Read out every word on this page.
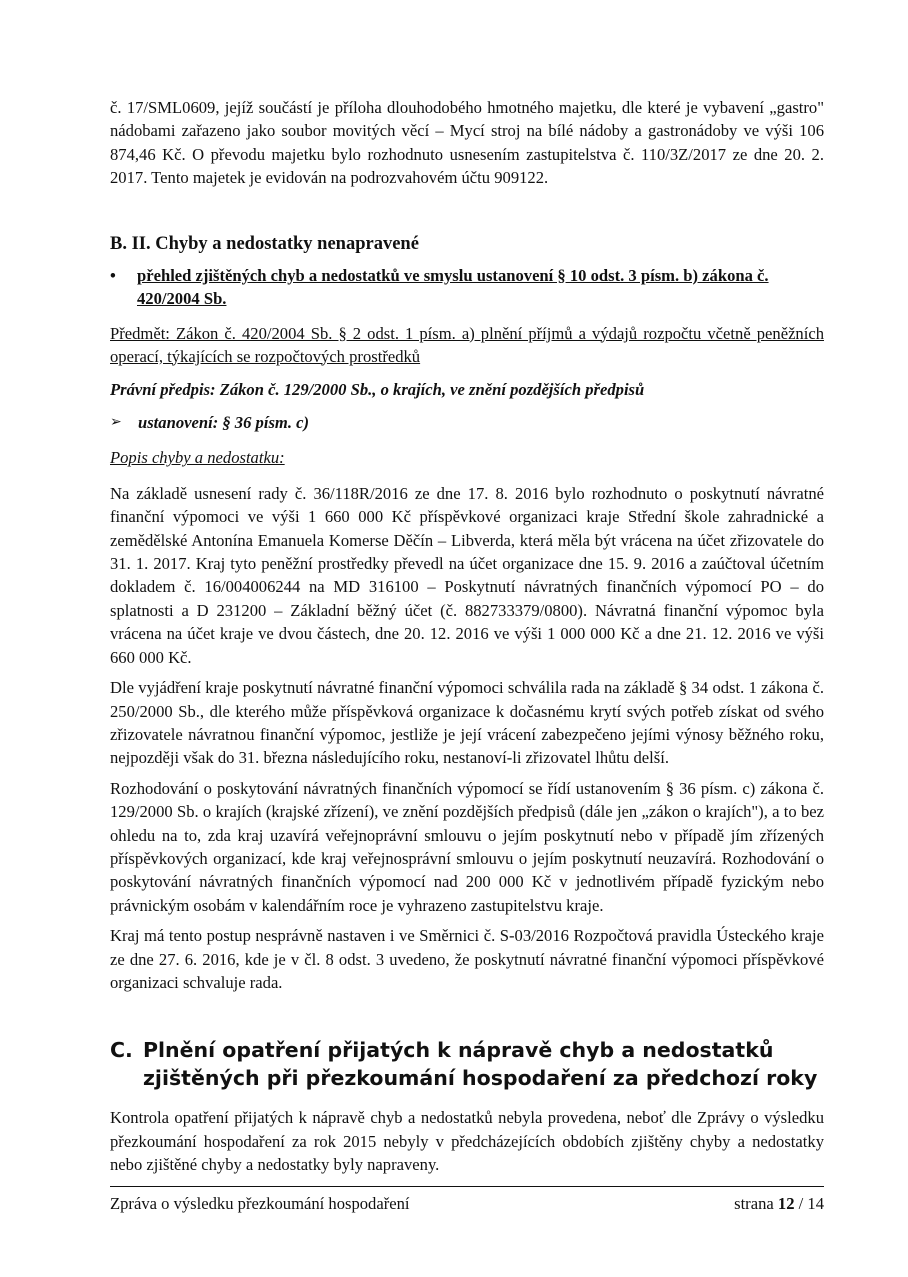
č. 17/SML0609, jejíž součástí je příloha dlouhodobého hmotného majetku, dle které je vybavení „gastro" nádobami zařazeno jako soubor movitých věcí – Mycí stroj na bílé nádoby a gastronádoby ve výši 106 874,46 Kč. O převodu majetku bylo rozhodnuto usnesením zastupitelstva č. 110/3Z/2017 ze dne 20. 2. 2017. Tento majetek je evidován na podrozvahovém účtu 909122.

B. II. Chyby a nedostatky nenapravené
•	přehled zjištěných chyb a nedostatků ve smyslu ustanovení § 10 odst. 3 písm. b) zákona č. 420/2004 Sb.

Předmět: Zákon č. 420/2004 Sb. § 2 odst. 1 písm. a) plnění příjmů a výdajů rozpočtu včetně peněžních operací, týkajících se rozpočtových prostředků

Právní předpis: Zákon č. 129/2000 Sb., o krajích, ve znění pozdějších předpisů

➢ ustanovení: § 36 písm. c)

Popis chyby a nedostatku:

Na základě usnesení rady č. 36/118R/2016 ze dne 17. 8. 2016 bylo rozhodnuto o poskytnutí návratné finanční výpomoci ve výši 1 660 000 Kč příspěvkové organizaci kraje Střední škole zahradnické a zemědělské Antonína Emanuela Komerse Děčín – Libverda, která měla být vrácena na účet zřizovatele do 31. 1. 2017. Kraj tyto peněžní prostředky převedl na účet organizace dne 15. 9. 2016 a zaúčtoval účetním dokladem č. 16/004006244 na MD 316100 – Poskytnutí návratných finančních výpomocí PO – do splatnosti a D 231200 – Základní běžný účet (č. 882733379/0800). Návratná finanční výpomoc byla vrácena na účet kraje ve dvou částech, dne 20. 12. 2016 ve výši 1 000 000 Kč a dne 21. 12. 2016 ve výši 660 000 Kč.

Dle vyjádření kraje poskytnutí návratné finanční výpomoci schválila rada na základě § 34 odst. 1 zákona č. 250/2000 Sb., dle kterého může příspěvková organizace k dočasnému krytí svých potřeb získat od svého zřizovatele návratnou finanční výpomoc, jestliže je její vrácení zabezpečeno jejími výnosy běžného roku, nejpozději však do 31. března následujícího roku, nestanoví-li zřizovatel lhůtu delší.

Rozhodování o poskytování návratných finančních výpomocí se řídí ustanovením § 36 písm. c) zákona č. 129/2000 Sb. o krajích (krajské zřízení), ve znění pozdějších předpisů (dále jen „zákon o krajích"), a to bez ohledu na to, zda kraj uzavírá veřejnoprávní smlouvu o jejím poskytnutí nebo v případě jím zřízených příspěvkových organizací, kde kraj veřejnosprávní smlouvu o jejím poskytnutí neuzavírá. Rozhodování o poskytování návratných finančních výpomocí nad 200 000 Kč v jednotlivém případě fyzickým nebo právnickým osobám v kalendářním roce je vyhrazeno zastupitelstvu kraje.

Kraj má tento postup nesprávně nastaven i ve Směrnici č. S-03/2016 Rozpočtová pravidla Ústeckého kraje ze dne 27. 6. 2016, kde je v čl. 8 odst. 3 uvedeno, že poskytnutí návratné finanční výpomoci příspěvkové organizaci schvaluje rada.

C. Plnění opatření přijatých k nápravě chyb a nedostatků zjištěných při přezkoumání hospodaření za předchozí roky

Kontrola opatření přijatých k nápravě chyb a nedostatků nebyla provedena, neboť dle Zprávy o výsledku přezkoumání hospodaření za rok 2015 nebyly v předcházejících obdobích zjištěny chyby a nedostatky nebo zjištěné chyby a nedostatky byly napraveny.

Zpráva o výsledku přezkoumání hospodaření	strana 12 / 14
